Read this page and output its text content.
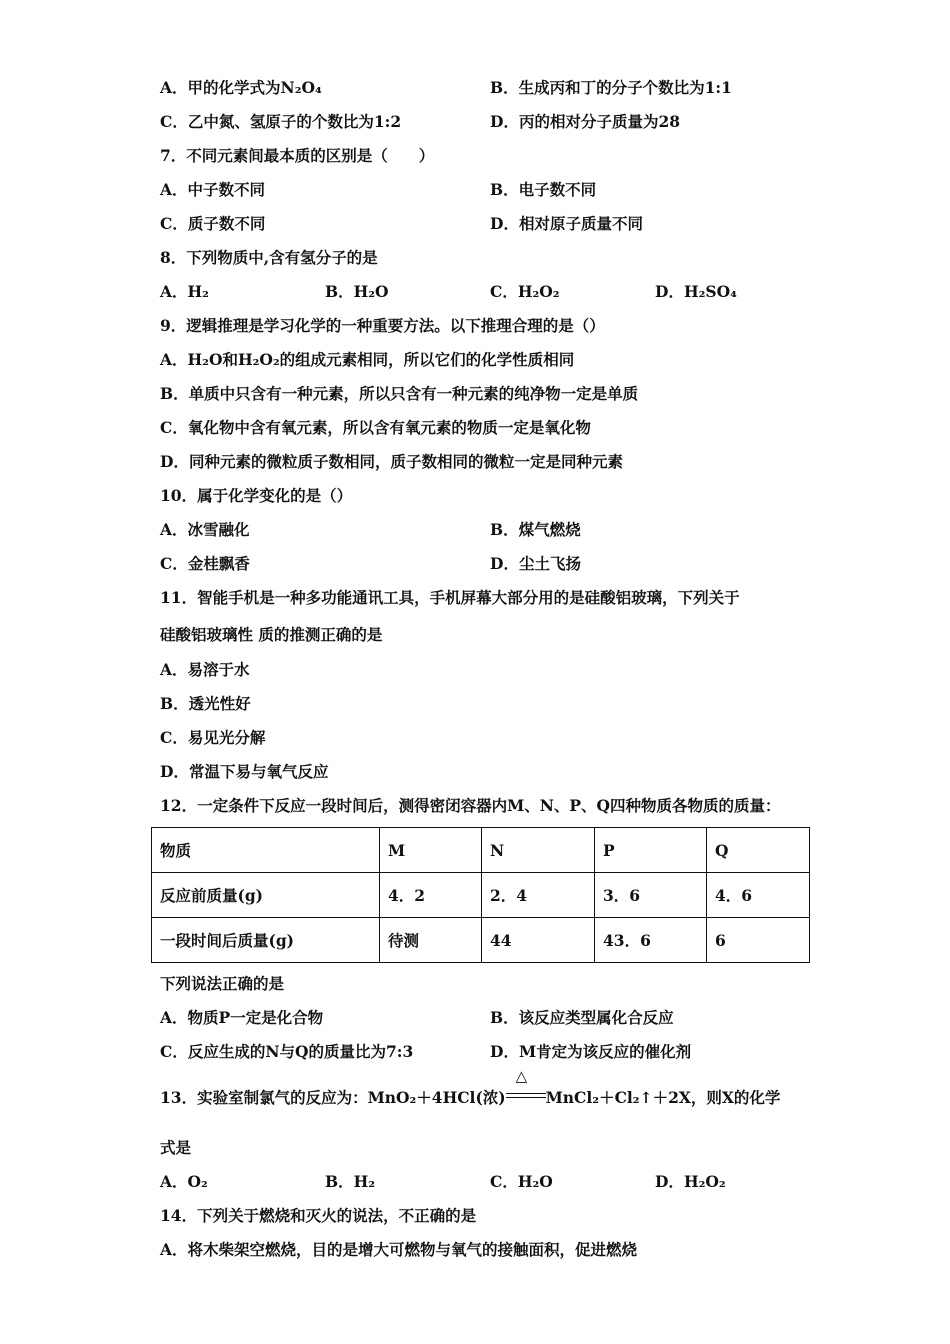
A．甲的化学式为N₂O₄	B．生成丙和丁的分子个数比为1:1
C．乙中氮、氢原子的个数比为1:2	D．丙的相对分子质量为28
7．不同元素间最本质的区别是（　　）
A．中子数不同	B．电子数不同
C．质子数不同	D．相对原子质量不同
8．下列物质中,含有氢分子的是
A．H₂	B．H₂O	C．H₂O₂	D．H₂SO₄
9．逻辑推理是学习化学的一种重要方法。以下推理合理的是（）
A．H₂O和H₂O₂的组成元素相同，所以它们的化学性质相同
B．单质中只含有一种元素，所以只含有一种元素的纯净物一定是单质
C．氧化物中含有氧元素，所以含有氧元素的物质一定是氧化物
D．同种元素的微粒质子数相同，质子数相同的微粒一定是同种元素
10．属于化学变化的是（）
A．冰雪融化	B．煤气燃烧
C．金桂飘香	D．尘土飞扬
11．智能手机是一种多功能通讯工具，手机屏幕大部分用的是硅酸铝玻璃，下列关于
硅酸铝玻璃性 质的推测正确的是
A．易溶于水
B．透光性好
C．易见光分解
D．常温下易与氧气反应
12．一定条件下反应一段时间后，测得密闭容器内M、N、P、Q四种物质各物质的质量：
物质	M	N	P	Q
反应前质量(g)	4．2	2．4	3．6	4．6
一段时间后质量(g)	待测	44	43．6	6
下列说法正确的是
A．物质P一定是化合物	B．该反应类型属化合反应
C．反应生成的N与Q的质量比为7:3	D．M肯定为该反应的催化剂
13．实验室制氯气的反应为：MnO₂＋4HCl(浓)
△
MnCl₂＋Cl₂↑＋2X，则X的化学
式是
A．O₂	B．H₂	C．H₂O	D．H₂O₂
14．下列关于燃烧和灭火的说法，不正确的是
A．将木柴架空燃烧，目的是增大可燃物与氧气的接触面积，促进燃烧
